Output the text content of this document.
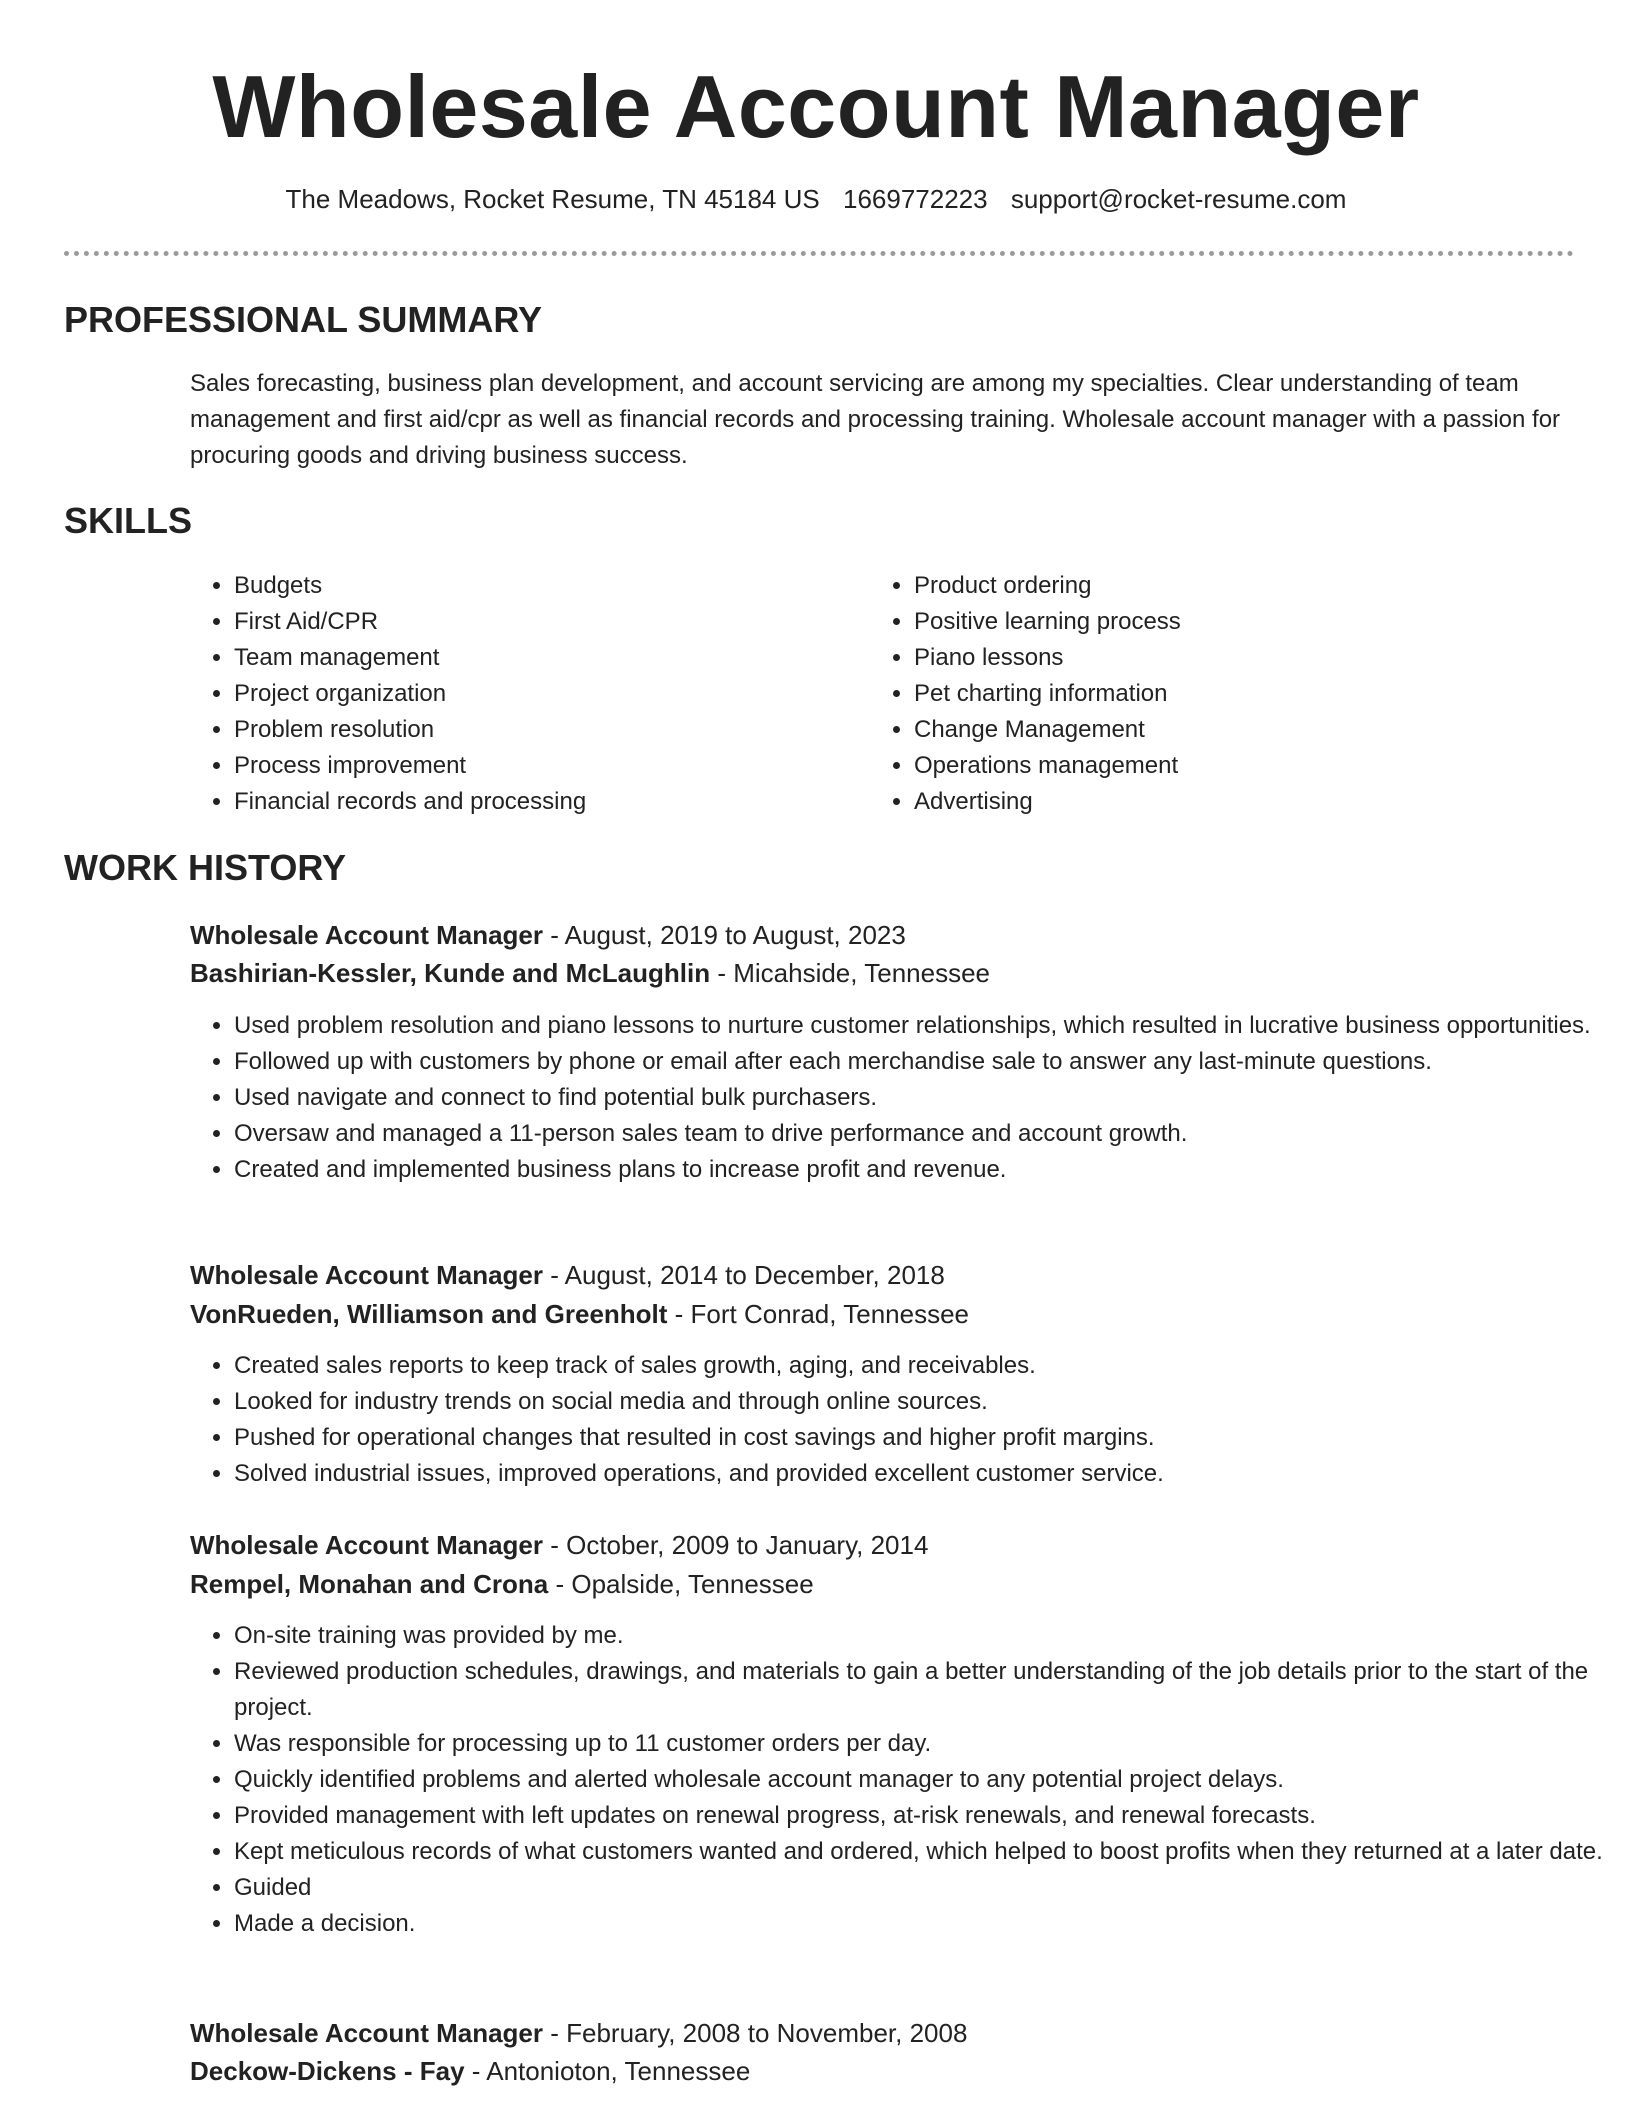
Wholesale Account Manager
The Meadows, Rocket Resume, TN 45184 US 1669772223 support@rocket-resume.com
PROFESSIONAL SUMMARY

Sales forecasting, business plan development, and account servicing are among my specialties. Clear understanding of team management and first aid/cpr as well as financial records and processing training. Wholesale account manager with a passion for procuring goods and driving business success.

SKILLS
• Budgets
• First Aid/CPR
• Team management
• Project organization
• Problem resolution
• Process improvement
• Financial records and processing
• Product ordering
• Positive learning process
• Piano lessons
• Pet charting information
• Change Management
• Operations management
• Advertising
WORK HISTORY

Wholesale Account Manager - August, 2019 to August, 2023

Bashirian-Kessler, Kunde and McLaughlin - Micahside, Tennessee

• Used problem resolution and piano lessons to nurture customer relationships, which resulted in lucrative business opportunities.
• Followed up with customers by phone or email after each merchandise sale to answer any last-minute questions.
• Used navigate and connect to find potential bulk purchasers.
• Oversaw and managed a 11-person sales team to drive performance and account growth.
• Created and implemented business plans to increase profit and revenue.

Wholesale Account Manager - August, 2014 to December, 2018

VonRueden, Williamson and Greenholt - Fort Conrad, Tennessee

• Created sales reports to keep track of sales growth, aging, and receivables.
• Looked for industry trends on social media and through online sources.
• Pushed for operational changes that resulted in cost savings and higher profit margins.
• Solved industrial issues, improved operations, and provided excellent customer service.

Wholesale Account Manager - October, 2009 to January, 2014

Rempel, Monahan and Crona - Opalside, Tennessee

• On-site training was provided by me.
• Reviewed production schedules, drawings, and materials to gain a better understanding of the job details prior to the start of the project.
• Was responsible for processing up to 11 customer orders per day.
• Quickly identified problems and alerted wholesale account manager to any potential project delays.
• Provided management with left updates on renewal progress, at-risk renewals, and renewal forecasts.
• Kept meticulous records of what customers wanted and ordered, which helped to boost profits when they returned at a later date.
• Guided
• Made a decision.

Wholesale Account Manager - February, 2008 to November, 2008

Deckow-Dickens - Fay - Antonioton, Tennessee
